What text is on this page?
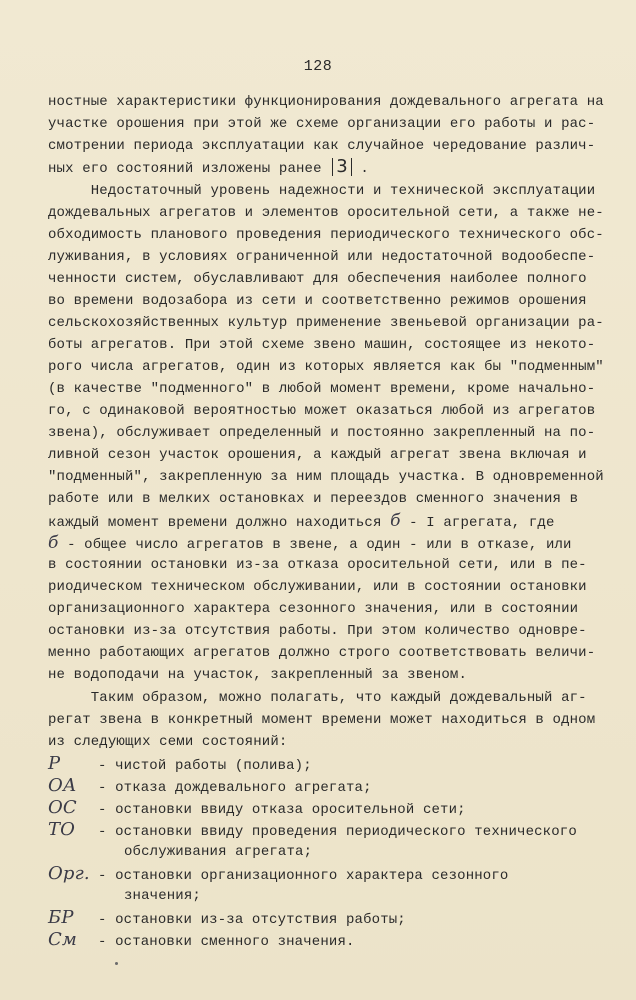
128
ностные характеристики функционирования дождевального агрегата на
участке орошения при этой же схеме организации его работы и рас-
смотрении периода эксплуатации как случайное чередование различ-
ных его состояний изложены ранее 3 .
Недостаточный уровень надежности и технической эксплуатации
дождевальных агрегатов и элементов оросительной сети, а также не-
обходимость планового проведения периодического технического обс-
луживания, в условиях ограниченной или недостаточной водообеспе-
ченности систем, обуславливают для обеспечения наиболее полного
во времени водозабора из сети и соответственно режимов орошения
сельскохозяйственных культур применение звеньевой организации ра-
боты агрегатов. При этой схеме звено машин, состоящее из некото-
рого числа агрегатов, один из которых является как бы "подменным"
(в качестве "подменного" в любой момент времени, кроме начально-
го, с одинаковой вероятностью может оказаться любой из агрегатов
звена), обслуживает определенный и постоянно закрепленный на по-
ливной сезон участок орошения, а каждый агрегат звена включая и
"подменный", закрепленную за ним площадь участка. В одновременной
работе или в мелких остановках и переездов сменного значения в
каждый момент времени должно находиться б - I агрегата, где
б - общее число агрегатов в звене, а один - или в отказе, или
в состоянии остановки из-за отказа оросительной сети, или в пе-
риодическом техническом обслуживании, или в состоянии остановки
организационного характера сезонного значения, или в состоянии
остановки из-за отсутствия работы. При этом количество одновре-
менно работающих агрегатов должно строго соответствовать величи-
не водоподачи на участок, закрепленный за звеном.
Таким образом, можно полагать, что каждый дождевальный аг-
регат звена в конкретный момент времени может находиться в одном
из следующих семи состояний:
Р	- чистой работы (полива);
ОА - отказа дождевального агрегата;
ОС - остановки ввиду отказа оросительной сети;
ТО - остановки ввиду проведения периодического технического
обслуживания агрегата;
Орг. - остановки организационного характера сезонного
значения;
БР - остановки из-за отсутствия работы;
См - остановки сменного значения.
